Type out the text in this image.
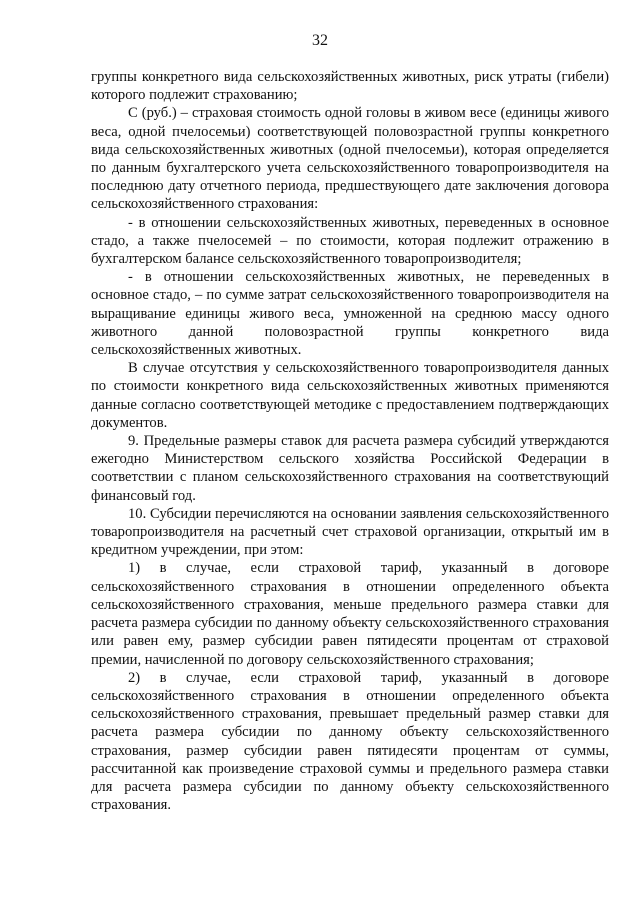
32

группы конкретного вида сельскохозяйственных животных, риск утраты (гибели) которого подлежит страхованию;

С (руб.) – страховая стоимость одной головы в живом весе (единицы живого веса, одной пчелосемьи) соответствующей половозрастной группы конкретного вида сельскохозяйственных животных (одной пчелосемьи), которая определяется по данным бухгалтерского учета сельскохозяйственного товаропроизводителя на последнюю дату отчетного периода, предшествующего дате заключения договора сельскохозяйственного страхования:

- в отношении сельскохозяйственных животных, переведенных в основное стадо, а также пчелосемей – по стоимости, которая подлежит отражению в бухгалтерском балансе сельскохозяйственного товаропроизводителя;

- в отношении сельскохозяйственных животных, не переведенных в основное стадо, – по сумме затрат сельскохозяйственного товаропроизводителя на выращивание единицы живого веса, умноженной на среднюю массу одного животного данной половозрастной группы конкретного вида сельскохозяйственных животных.

В случае отсутствия у сельскохозяйственного товаропроизводителя данных по стоимости конкретного вида сельскохозяйственных животных применяются данные согласно соответствующей методике с предоставлением подтверждающих документов.

9. Предельные размеры ставок для расчета размера субсидий утверждаются ежегодно Министерством сельского хозяйства Российской Федерации в соответствии с планом сельскохозяйственного страхования на соответствующий финансовый год.

10. Субсидии перечисляются на основании заявления сельскохозяйственного товаропроизводителя на расчетный счет страховой организации, открытый им в кредитном учреждении, при этом:

1) в случае, если страховой тариф, указанный в договоре сельскохозяйственного страхования в отношении определенного объекта сельскохозяйственного страхования, меньше предельного размера ставки для расчета размера субсидии по данному объекту сельскохозяйственного страхования или равен ему, размер субсидии равен пятидесяти процентам от страховой премии, начисленной по договору сельскохозяйственного страхования;

2) в случае, если страховой тариф, указанный в договоре сельскохозяйственного страхования в отношении определенного объекта сельскохозяйственного страхования, превышает предельный размер ставки для расчета размера субсидии по данному объекту сельскохозяйственного страхования, размер субсидии равен пятидесяти процентам от суммы, рассчитанной как произведение страховой суммы и предельного размера ставки для расчета размера субсидии по данному объекту сельскохозяйственного страхования.
